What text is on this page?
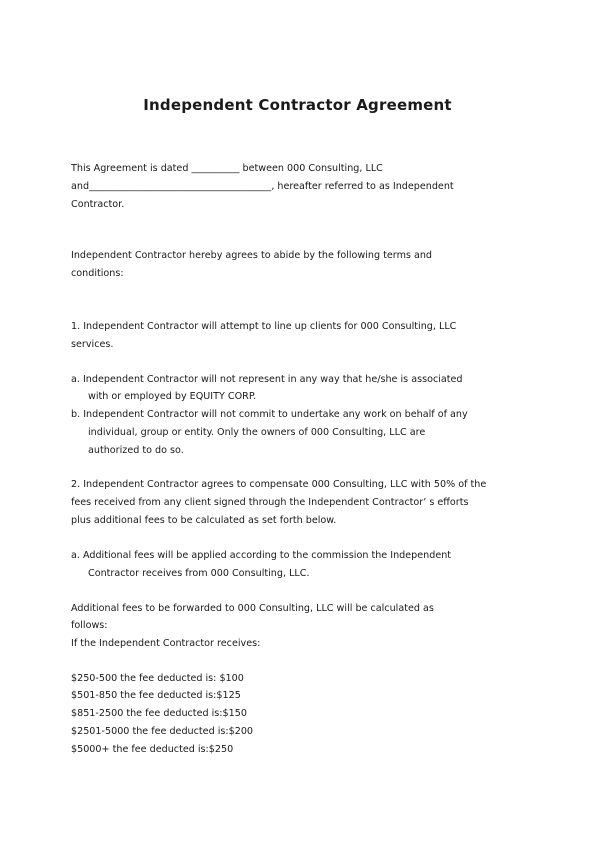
Independent Contractor Agreement
This Agreement is dated __________ between 000 Consulting, LLC
and______________________________________, hereafter referred to as Independent
Contractor.
Independent Contractor hereby agrees to abide by the following terms and
conditions:
1. Independent Contractor will attempt to line up clients for 000 Consulting, LLC
services.
a. Independent Contractor will not represent in any way that he/she is associated
with or employed by EQUITY CORP.
b. Independent Contractor will not commit to undertake any work on behalf of any
individual, group or entity. Only the owners of 000 Consulting, LLC are
authorized to do so.
2. Independent Contractor agrees to compensate 000 Consulting, LLC with 50% of the
fees received from any client signed through the Independent Contractor’ s efforts
plus additional fees to be calculated as set forth below.
a. Additional fees will be applied according to the commission the Independent
Contractor receives from 000 Consulting, LLC.
Additional fees to be forwarded to 000 Consulting, LLC will be calculated as
follows:
If the Independent Contractor receives:
$250-500 the fee deducted is: $100
$501-850 the fee deducted is:$125
$851-2500 the fee deducted is:$150
$2501-5000 the fee deducted is:$200
$5000+ the fee deducted is:$250
